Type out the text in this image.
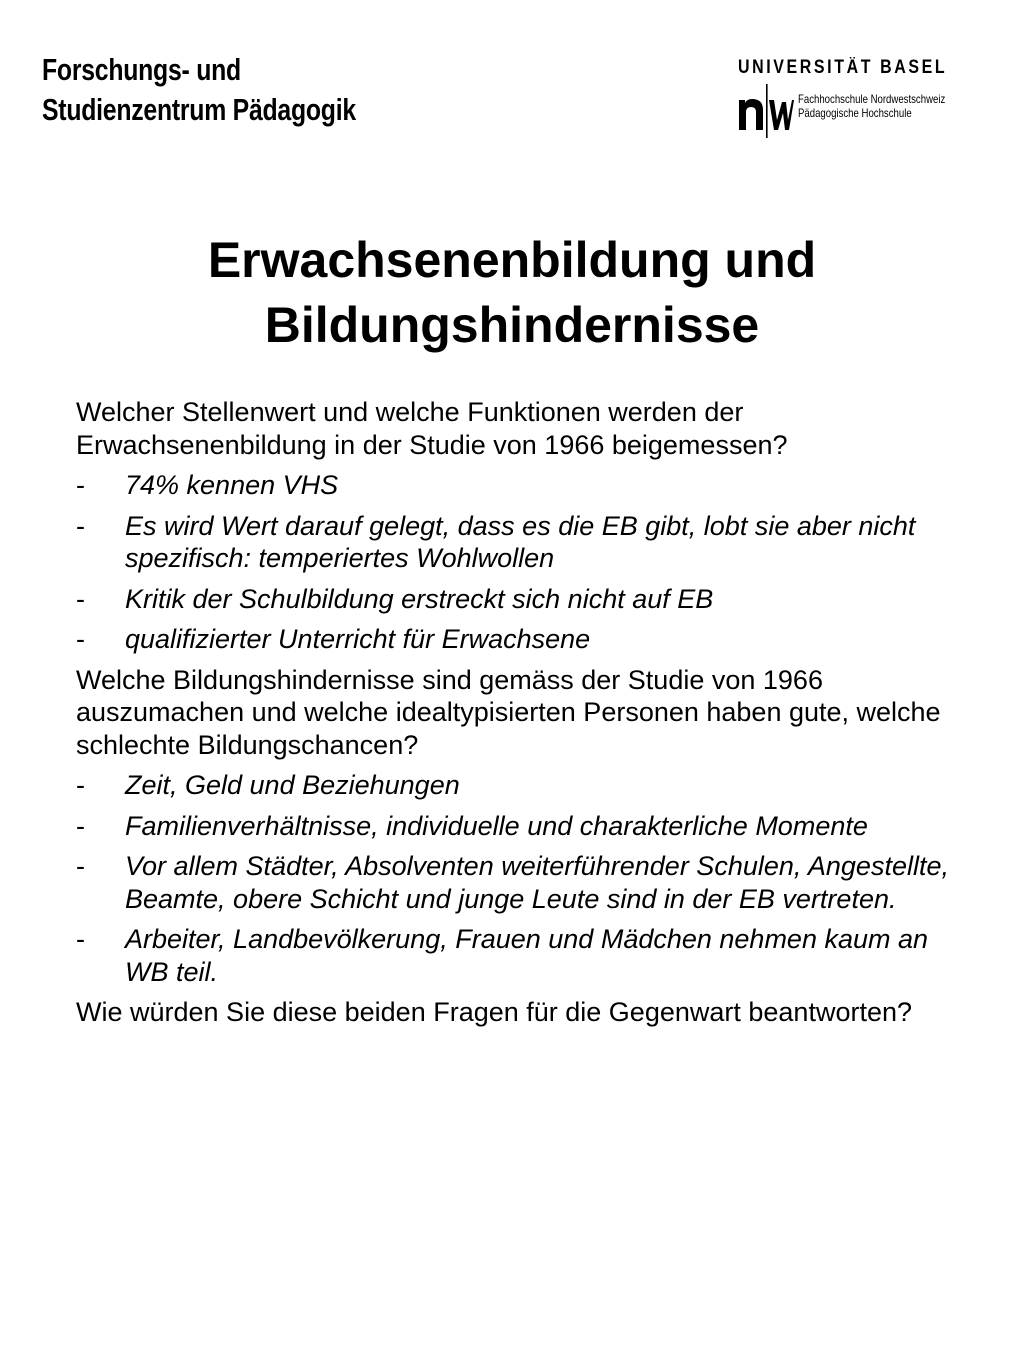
Forschungs- und
Studienzentrum Pädagogik
UNIVERSITÄT BASEL
Fachhochschule Nordwestschweiz
Pädagogische Hochschule
Erwachsenenbildung und
Bildungshindernisse
Welcher Stellenwert und welche Funktionen werden der Erwachsenenbildung in der Studie von 1966 beigemessen?
- 74% kennen VHS
- Es wird Wert darauf gelegt, dass es die EB gibt, lobt sie aber nicht spezifisch: temperiertes Wohlwollen
- Kritik der Schulbildung erstreckt sich nicht auf EB
- qualifizierter Unterricht für Erwachsene
Welche Bildungshindernisse sind gemäss der Studie von 1966 auszumachen und welche idealtypisierten Personen haben gute, welche schlechte Bildungschancen?
- Zeit, Geld und Beziehungen
- Familienverhältnisse, individuelle und charakterliche Momente
- Vor allem Städter, Absolventen weiterführender Schulen, Angestellte, Beamte, obere Schicht und junge Leute sind in der EB vertreten.
- Arbeiter, Landbevölkerung, Frauen und Mädchen nehmen kaum an WB teil.
Wie würden Sie diese beiden Fragen für die Gegenwart beantworten?
